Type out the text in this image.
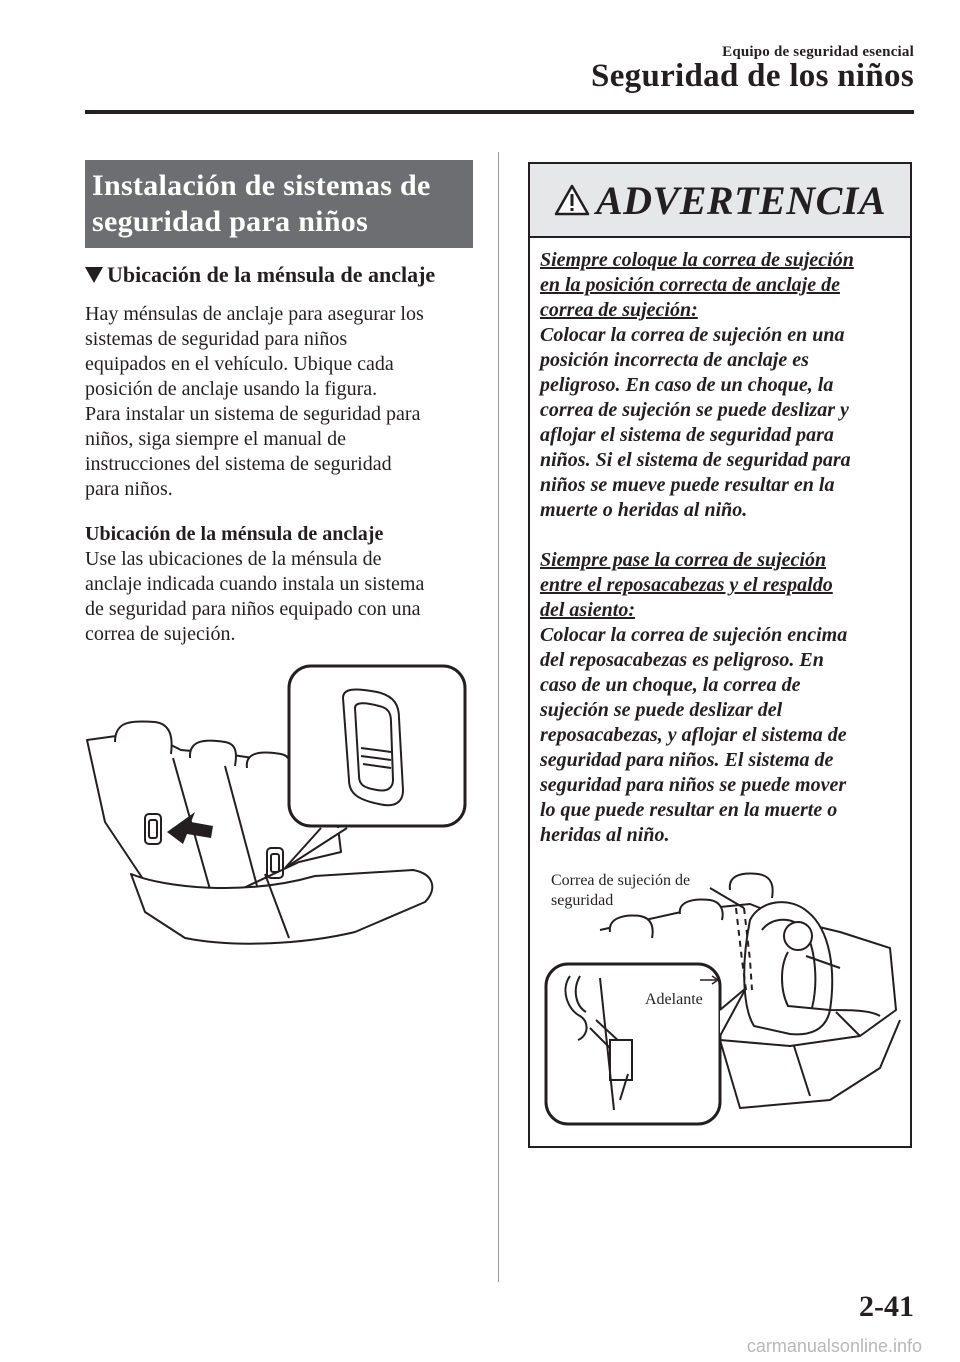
Equipo de seguridad esencial
Seguridad de los niños
Instalación de sistemas de
seguridad para niños
Ubicación de la ménsula de anclaje
Hay ménsulas de anclaje para asegurar los
sistemas de seguridad para niños
equipados en el vehículo. Ubique cada
posición de anclaje usando la figura.
Para instalar un sistema de seguridad para
niños, siga siempre el manual de
instrucciones del sistema de seguridad
para niños.
Ubicación de la ménsula de anclaje
Use las ubicaciones de la ménsula de
anclaje indicada cuando instala un sistema
de seguridad para niños equipado con una
correa de sujeción.
ADVERTENCIA
Siempre coloque la correa de sujeción
en la posición correcta de anclaje de
correa de sujeción:
Colocar la correa de sujeción en una
posición incorrecta de anclaje es
peligroso. En caso de un choque, la
correa de sujeción se puede deslizar y
aflojar el sistema de seguridad para
niños. Si el sistema de seguridad para
niños se mueve puede resultar en la
muerte o heridas al niño.
Siempre pase la correa de sujeción
entre el reposacabezas y el respaldo
del asiento:
Colocar la correa de sujeción encima
del reposacabezas es peligroso. En
caso de un choque, la correa de
sujeción se puede deslizar del
reposacabezas, y aflojar el sistema de
seguridad para niños. El sistema de
seguridad para niños se puede mover
lo que puede resultar en la muerte o
heridas al niño.
Correa de sujeción de
seguridad
Adelante
2-41
carmanualsonline.info
